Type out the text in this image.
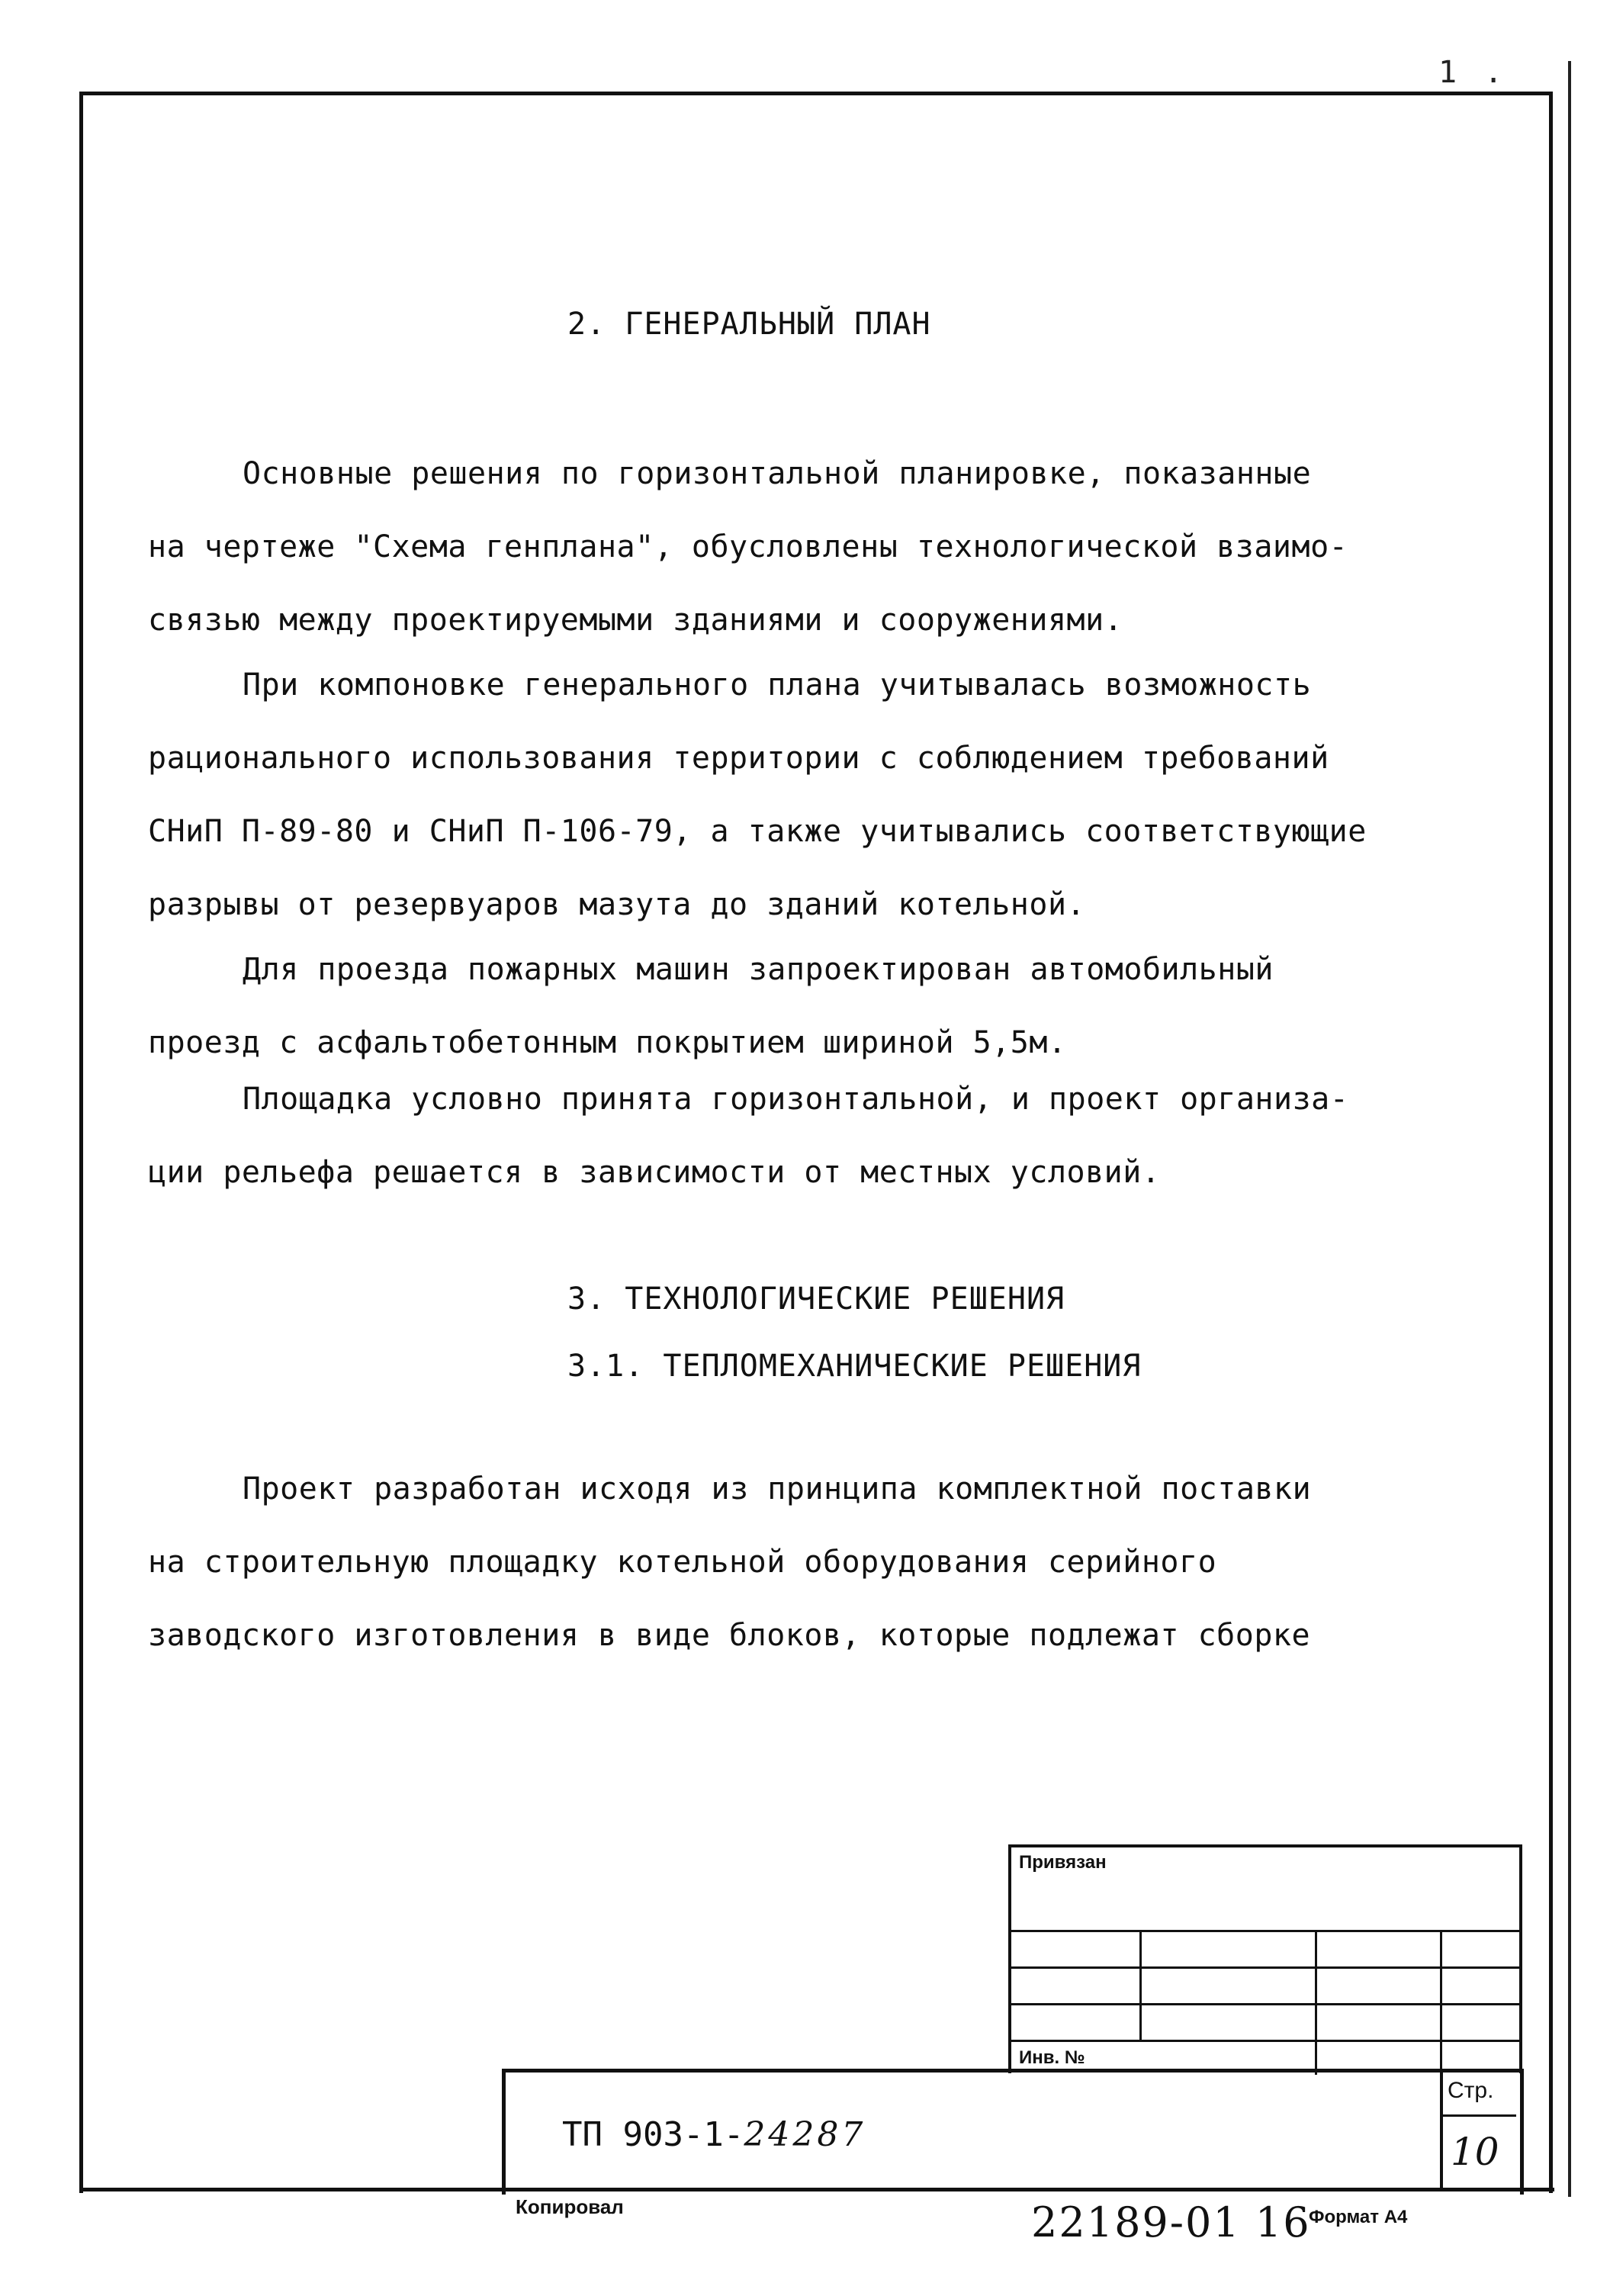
1 .
2. ГЕНЕРАЛЬНЫЙ ПЛАН
Основные решения по горизонтальной планировке, показанные
на чертеже "Схема генплана", обусловлены технологической взаимо-
связью между проектируемыми зданиями и сооружениями.
При компоновке генерального плана учитывалась возможность
рационального использования территории с соблюдением требований
СНиП П-89-80 и СНиП П-106-79, а также учитывались соответствующие
разрывы от резервуаров мазута до зданий котельной.
Для проезда пожарных машин запроектирован автомобильный
проезд с асфальтобетонным покрытием шириной 5,5м.
Площадка условно принята горизонтальной, и проект организа-
ции рельефа решается в зависимости от местных условий.
3. ТЕХНОЛОГИЧЕСКИЕ РЕШЕНИЯ
3.1. ТЕПЛОМЕХАНИЧЕСКИЕ РЕШЕНИЯ
Проект разработан исходя из принципа комплектной поставки
на строительную площадку котельной оборудования серийного
заводского изготовления в виде блоков, которые подлежат сборке
Привязан
Инв. №
ТП 903-1-24287
Стр.
10
Копировал	22189-01 16
Формат А4
